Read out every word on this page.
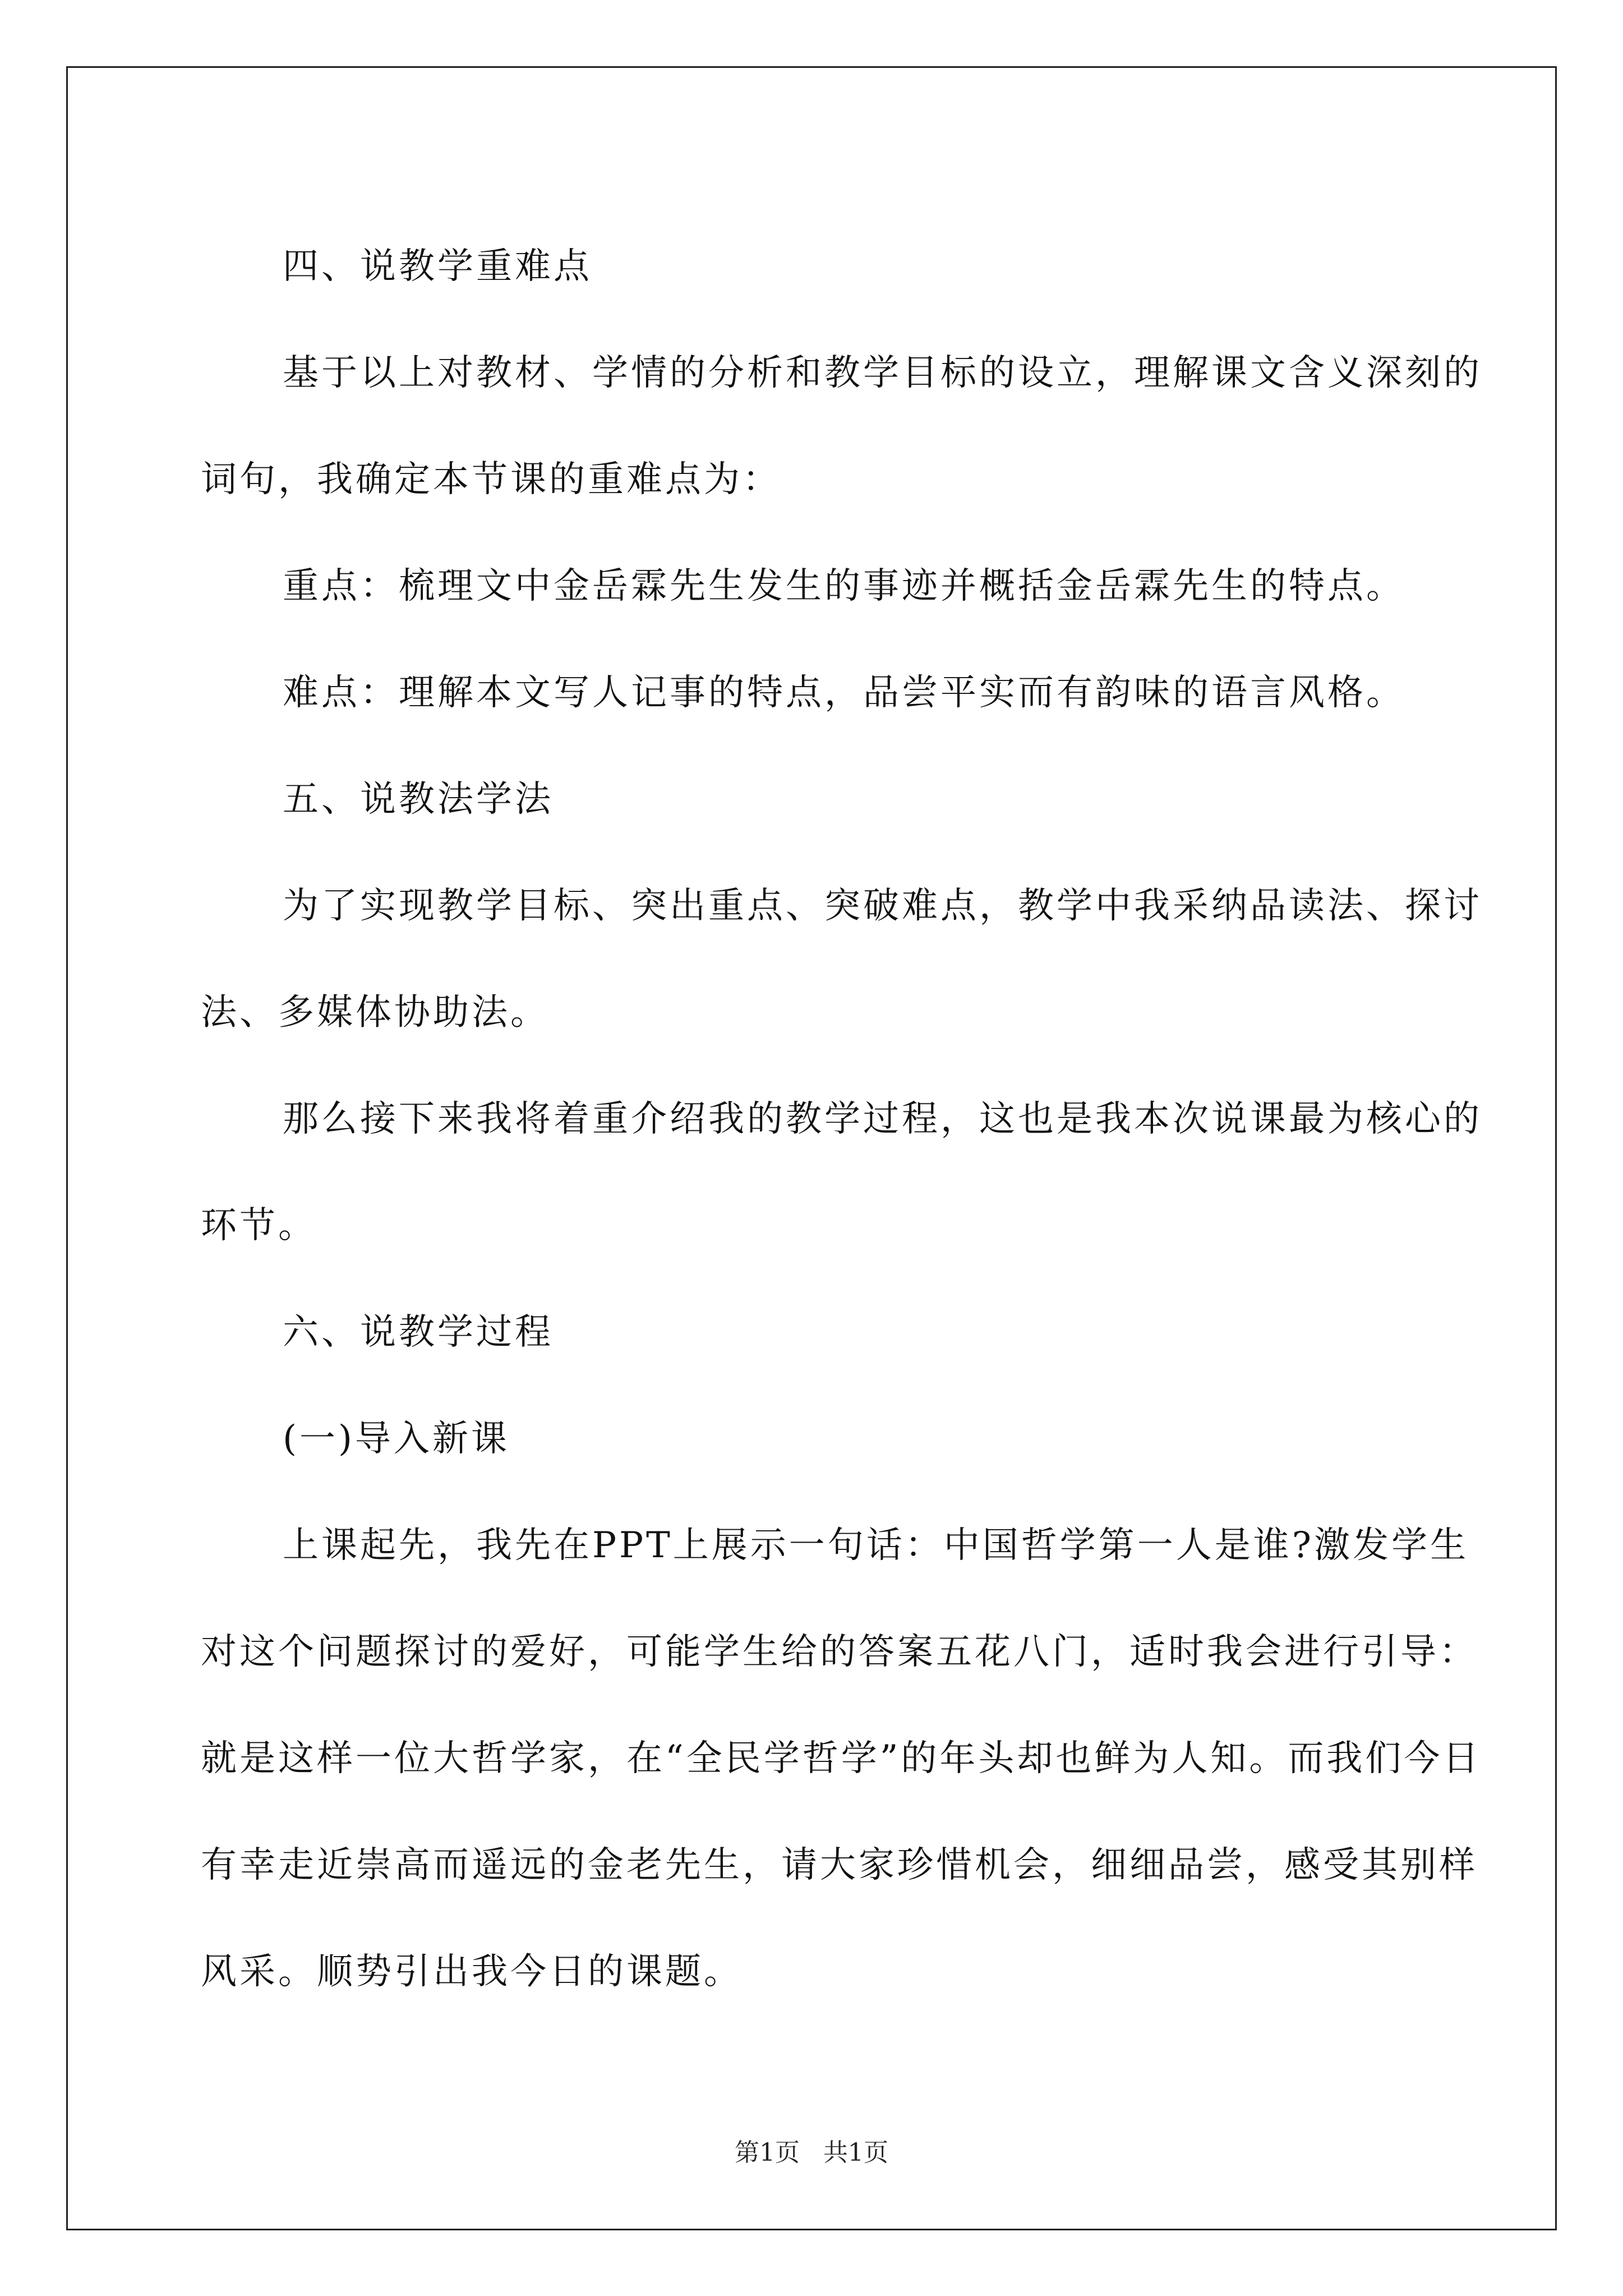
四、说教学重难点

基于以上对教材、学情的分析和教学目标的设立，理解课文含义深刻的词句，我确定本节课的重难点为：

重点：梳理文中金岳霖先生发生的事迹并概括金岳霖先生的特点。

难点：理解本文写人记事的特点，品尝平实而有韵味的语言风格。

五、说教法学法

为了实现教学目标、突出重点、突破难点，教学中我采纳品读法、探讨法、多媒体协助法。

那么接下来我将着重介绍我的教学过程，这也是我本次说课最为核心的环节。

六、说教学过程

(一)导入新课

上课起先，我先在PPT上展示一句话：中国哲学第一人是谁?激发学生对这个问题探讨的爱好，可能学生给的答案五花八门，适时我会进行引导：就是这样一位大哲学家，在“全民学哲学”的年头却也鲜为人知。而我们今日有幸走近崇高而遥远的金老先生，请大家珍惜机会，细细品尝，感受其别样风采。顺势引出我今日的课题。

第1页 共1页
